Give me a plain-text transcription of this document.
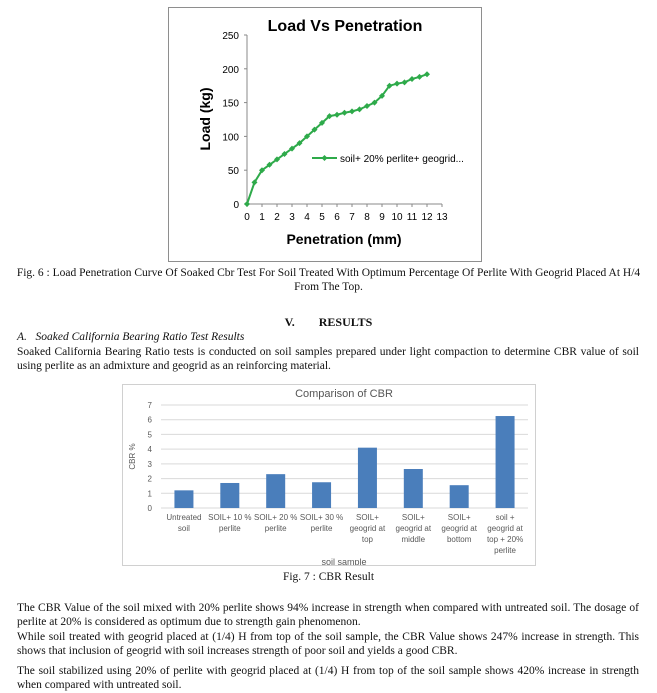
Load Vs Penetration
0
50
100
150
200
250
0 1 2 3 4 5 6 7 8 9 10 11 12 13
Penetration (mm)
Load (kg)
soil+ 20% perlite+ geogrid...
Fig. 6 : Load Penetration Curve Of Soaked Cbr Test For Soil Treated With Optimum Percentage Of Perlite With Geogrid Placed At H/4 From The Top.
V.        RESULTS
A.   Soaked California Bearing Ratio Test Results
Soaked California Bearing Ratio tests is conducted on soil samples prepared under light compaction to determine CBR value of soil using perlite as an admixture and geogrid as an reinforcing material.
Comparison of CBR
0
1
2
3
4
5
6
7
CBR %
Untreated
soil
SOIL+ 10 %
perlite
SOIL+ 20 %
perlite
SOIL+ 30 %
perlite
SOIL+
geogrid at
top
SOIL+
geogrid at
middle
SOIL+
geogrid at
bottom
soil +
geogrid at
top + 20%
perlite
soil sample
Fig. 7 : CBR Result
The CBR Value of the soil mixed with 20% perlite shows 94% increase in strength when compared with untreated soil. The dosage of perlite at 20% is considered as optimum due to strength gain phenomenon.
While soil treated with geogrid placed at (1/4) H from top of the soil sample, the CBR Value shows 247% increase in strength. This shows that inclusion of geogrid with soil increases strength of poor soil and yields a good CBR.
The soil stabilized using 20% of perlite with geogrid placed at (1/4) H from top of the soil sample shows 420% increase in strength when compared with untreated soil.
